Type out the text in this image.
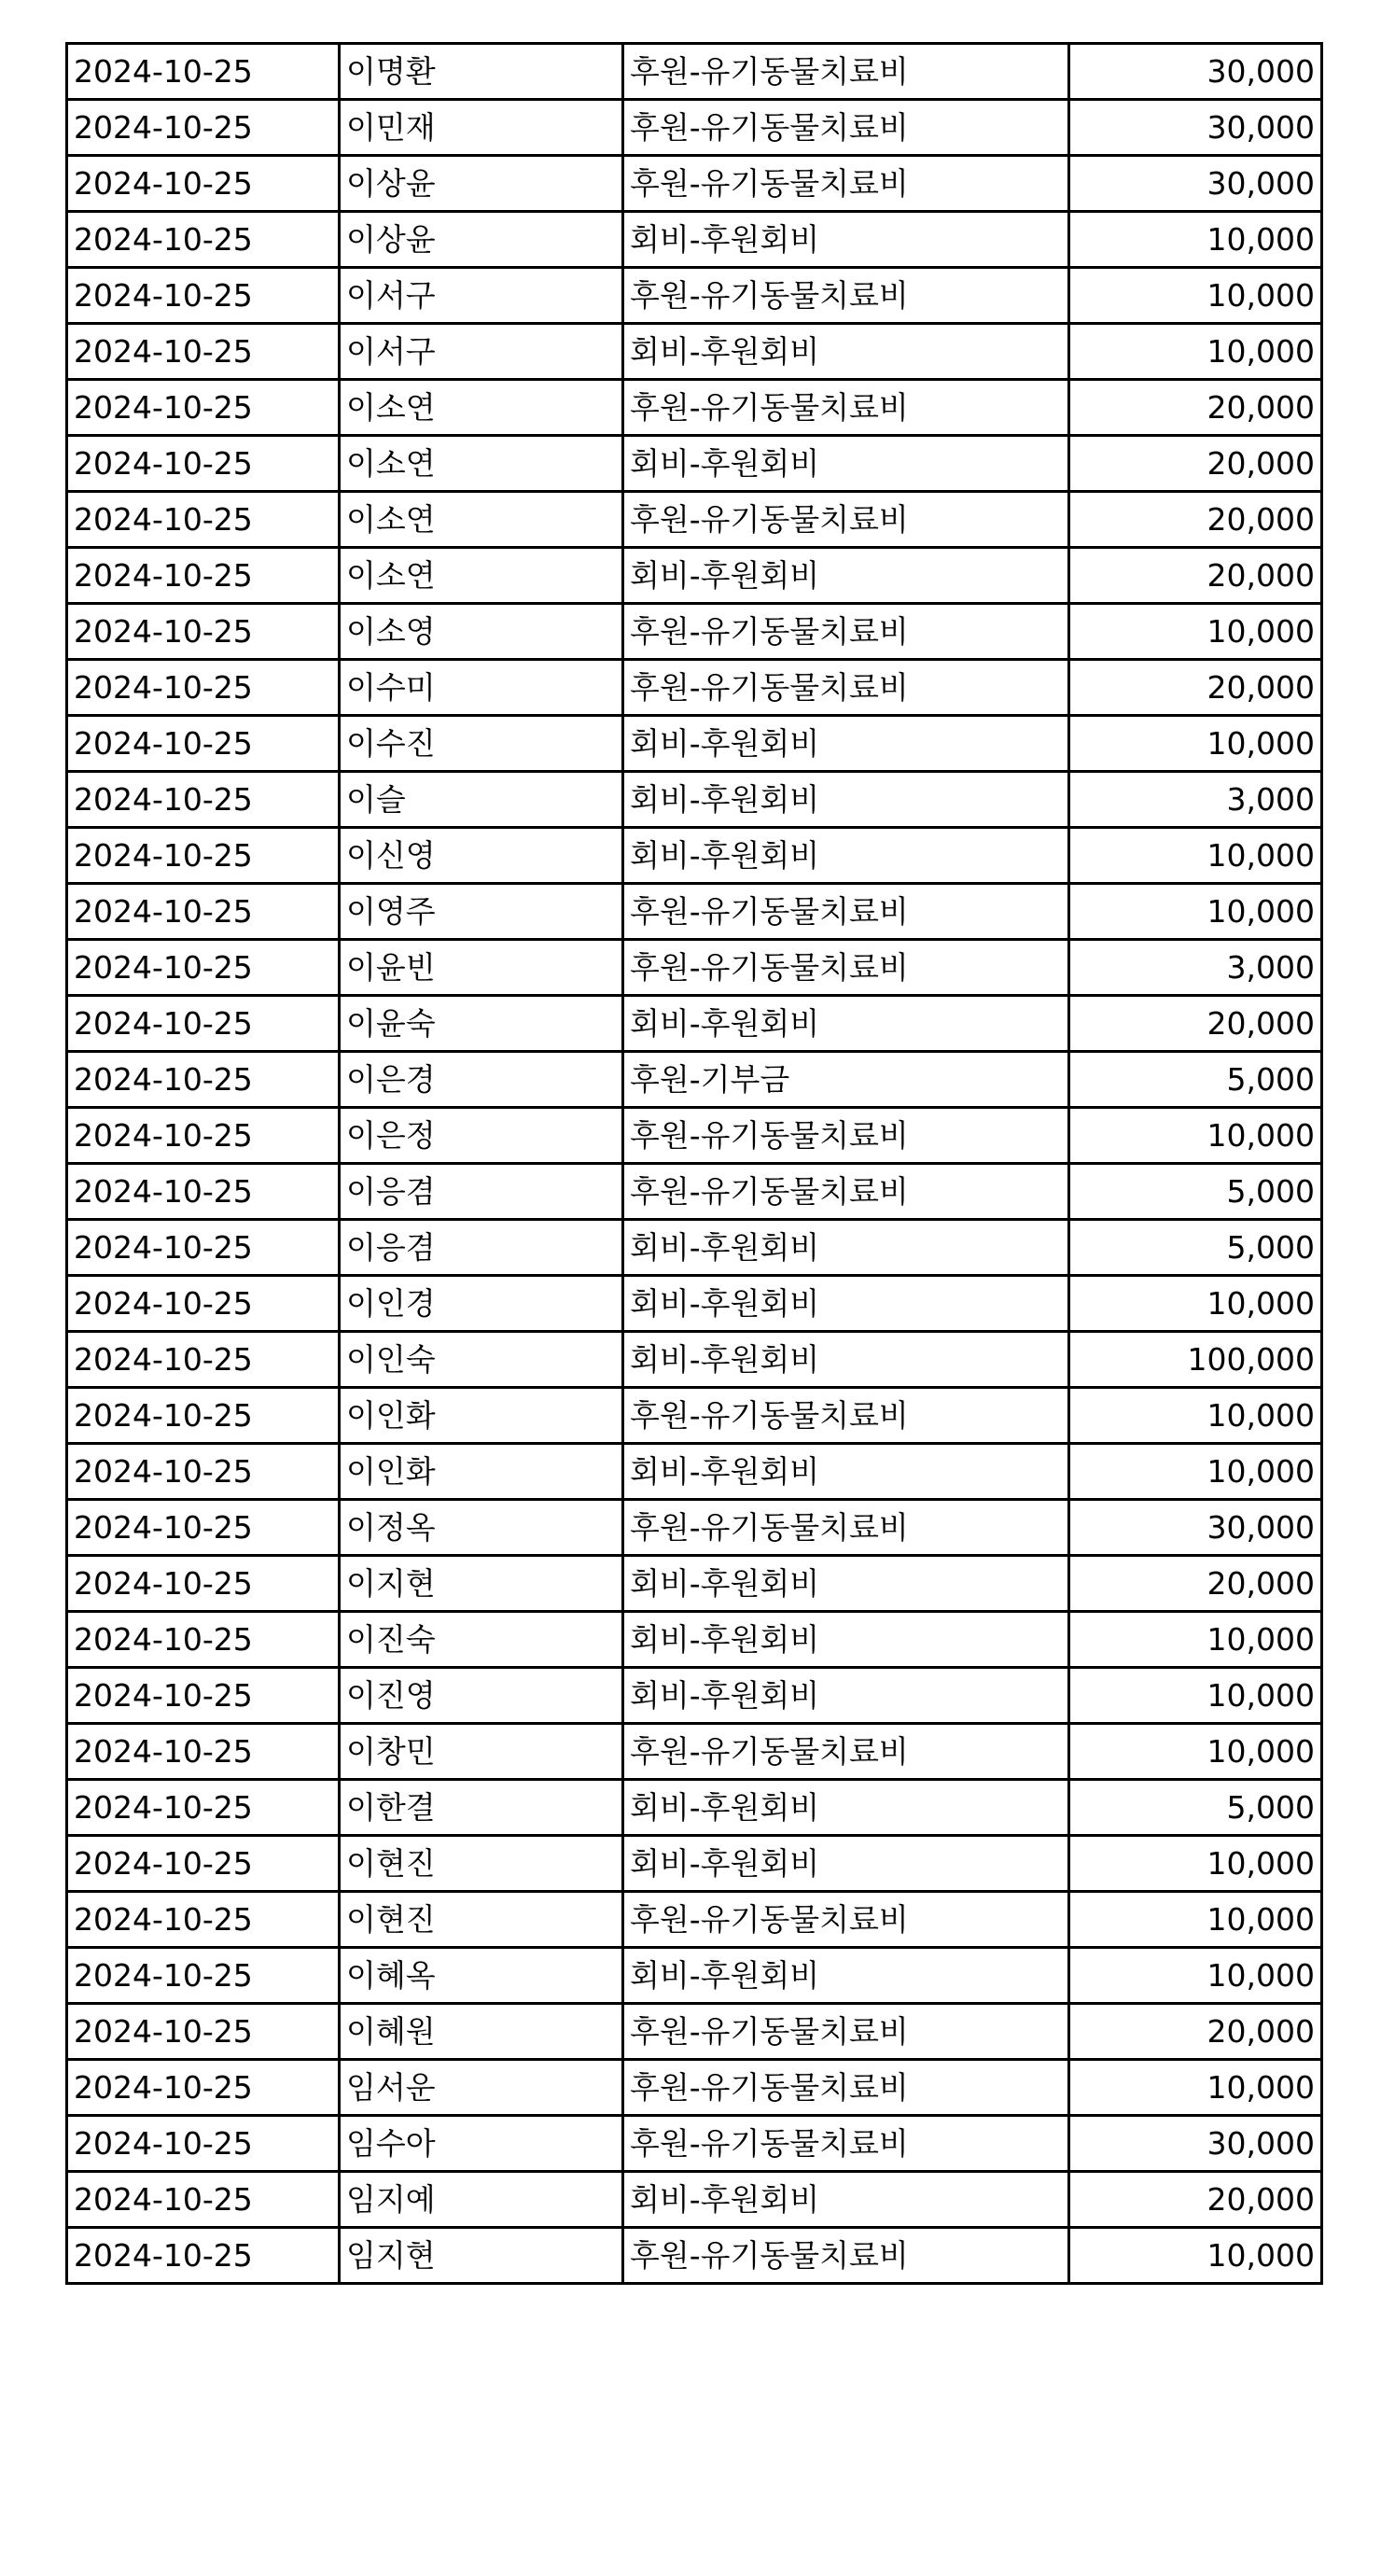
2024-10-25	이명환	후원-유기동물치료비	30,000
2024-10-25	이민재	후원-유기동물치료비	30,000
2024-10-25	이상윤	후원-유기동물치료비	30,000
2024-10-25	이상윤	회비-후원회비	10,000
2024-10-25	이서구	후원-유기동물치료비	10,000
2024-10-25	이서구	회비-후원회비	10,000
2024-10-25	이소연	후원-유기동물치료비	20,000
2024-10-25	이소연	회비-후원회비	20,000
2024-10-25	이소연	후원-유기동물치료비	20,000
2024-10-25	이소연	회비-후원회비	20,000
2024-10-25	이소영	후원-유기동물치료비	10,000
2024-10-25	이수미	후원-유기동물치료비	20,000
2024-10-25	이수진	회비-후원회비	10,000
2024-10-25	이슬	회비-후원회비	3,000
2024-10-25	이신영	회비-후원회비	10,000
2024-10-25	이영주	후원-유기동물치료비	10,000
2024-10-25	이윤빈	후원-유기동물치료비	3,000
2024-10-25	이윤숙	회비-후원회비	20,000
2024-10-25	이은경	후원-기부금	5,000
2024-10-25	이은정	후원-유기동물치료비	10,000
2024-10-25	이응겸	후원-유기동물치료비	5,000
2024-10-25	이응겸	회비-후원회비	5,000
2024-10-25	이인경	회비-후원회비	10,000
2024-10-25	이인숙	회비-후원회비	100,000
2024-10-25	이인화	후원-유기동물치료비	10,000
2024-10-25	이인화	회비-후원회비	10,000
2024-10-25	이정옥	후원-유기동물치료비	30,000
2024-10-25	이지현	회비-후원회비	20,000
2024-10-25	이진숙	회비-후원회비	10,000
2024-10-25	이진영	회비-후원회비	10,000
2024-10-25	이창민	후원-유기동물치료비	10,000
2024-10-25	이한결	회비-후원회비	5,000
2024-10-25	이현진	회비-후원회비	10,000
2024-10-25	이현진	후원-유기동물치료비	10,000
2024-10-25	이혜옥	회비-후원회비	10,000
2024-10-25	이혜원	후원-유기동물치료비	20,000
2024-10-25	임서운	후원-유기동물치료비	10,000
2024-10-25	임수아	후원-유기동물치료비	30,000
2024-10-25	임지예	회비-후원회비	20,000
2024-10-25	임지현	후원-유기동물치료비	10,000
